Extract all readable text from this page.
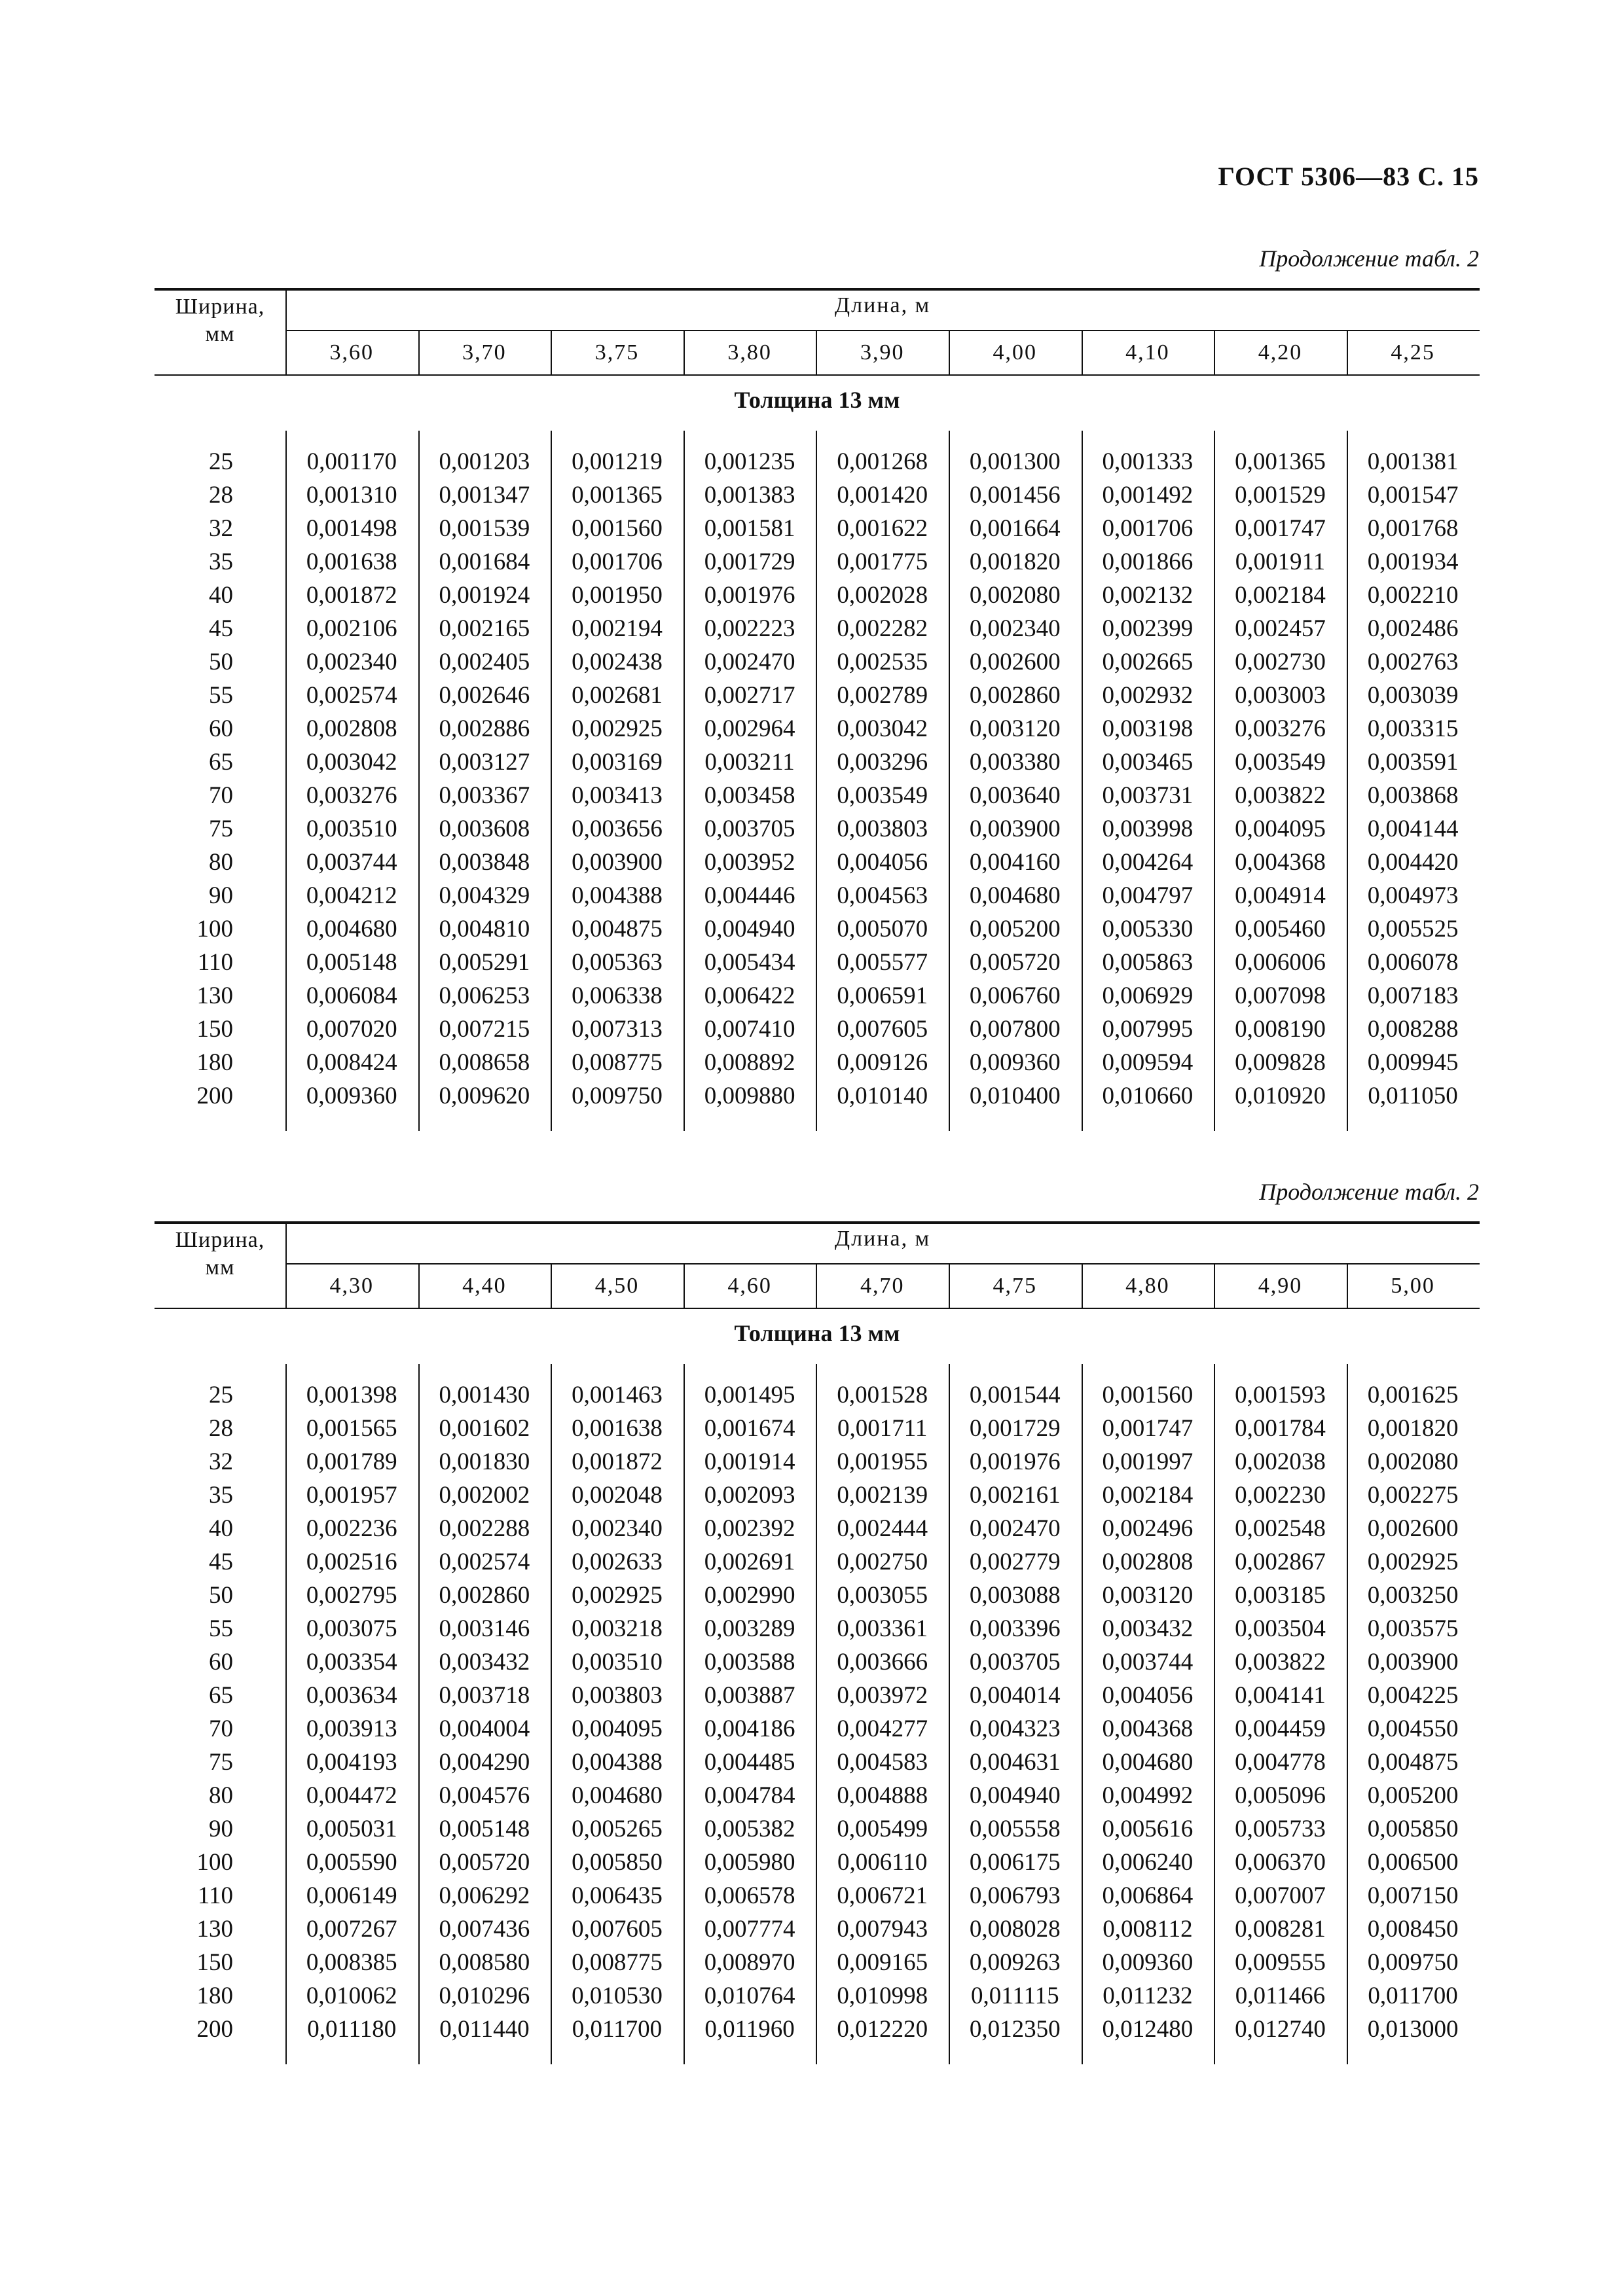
ГОСТ 5306—83 С. 15
Продолжение табл. 2
Ширина,
мм
Длина, м
3,60	3,70	3,75	3,80	3,90	4,00	4,10	4,20	4,25
Толщина 13 мм
25	0,001170	0,001203	0,001219	0,001235	0,001268	0,001300	0,001333	0,001365	0,001381
28	0,001310	0,001347	0,001365	0,001383	0,001420	0,001456	0,001492	0,001529	0,001547
32	0,001498	0,001539	0,001560	0,001581	0,001622	0,001664	0,001706	0,001747	0,001768
35	0,001638	0,001684	0,001706	0,001729	0,001775	0,001820	0,001866	0,001911	0,001934
40	0,001872	0,001924	0,001950	0,001976	0,002028	0,002080	0,002132	0,002184	0,002210
45	0,002106	0,002165	0,002194	0,002223	0,002282	0,002340	0,002399	0,002457	0,002486
50	0,002340	0,002405	0,002438	0,002470	0,002535	0,002600	0,002665	0,002730	0,002763
55	0,002574	0,002646	0,002681	0,002717	0,002789	0,002860	0,002932	0,003003	0,003039
60	0,002808	0,002886	0,002925	0,002964	0,003042	0,003120	0,003198	0,003276	0,003315
65	0,003042	0,003127	0,003169	0,003211	0,003296	0,003380	0,003465	0,003549	0,003591
70	0,003276	0,003367	0,003413	0,003458	0,003549	0,003640	0,003731	0,003822	0,003868
75	0,003510	0,003608	0,003656	0,003705	0,003803	0,003900	0,003998	0,004095	0,004144
80	0,003744	0,003848	0,003900	0,003952	0,004056	0,004160	0,004264	0,004368	0,004420
90	0,004212	0,004329	0,004388	0,004446	0,004563	0,004680	0,004797	0,004914	0,004973
100	0,004680	0,004810	0,004875	0,004940	0,005070	0,005200	0,005330	0,005460	0,005525
110	0,005148	0,005291	0,005363	0,005434	0,005577	0,005720	0,005863	0,006006	0,006078
130	0,006084	0,006253	0,006338	0,006422	0,006591	0,006760	0,006929	0,007098	0,007183
150	0,007020	0,007215	0,007313	0,007410	0,007605	0,007800	0,007995	0,008190	0,008288
180	0,008424	0,008658	0,008775	0,008892	0,009126	0,009360	0,009594	0,009828	0,009945
200	0,009360	0,009620	0,009750	0,009880	0,010140	0,010400	0,010660	0,010920	0,011050
Продолжение табл. 2
Ширина,
мм
Длина, м
4,30	4,40	4,50	4,60	4,70	4,75	4,80	4,90	5,00
Толщина 13 мм
25	0,001398	0,001430	0,001463	0,001495	0,001528	0,001544	0,001560	0,001593	0,001625
28	0,001565	0,001602	0,001638	0,001674	0,001711	0,001729	0,001747	0,001784	0,001820
32	0,001789	0,001830	0,001872	0,001914	0,001955	0,001976	0,001997	0,002038	0,002080
35	0,001957	0,002002	0,002048	0,002093	0,002139	0,002161	0,002184	0,002230	0,002275
40	0,002236	0,002288	0,002340	0,002392	0,002444	0,002470	0,002496	0,002548	0,002600
45	0,002516	0,002574	0,002633	0,002691	0,002750	0,002779	0,002808	0,002867	0,002925
50	0,002795	0,002860	0,002925	0,002990	0,003055	0,003088	0,003120	0,003185	0,003250
55	0,003075	0,003146	0,003218	0,003289	0,003361	0,003396	0,003432	0,003504	0,003575
60	0,003354	0,003432	0,003510	0,003588	0,003666	0,003705	0,003744	0,003822	0,003900
65	0,003634	0,003718	0,003803	0,003887	0,003972	0,004014	0,004056	0,004141	0,004225
70	0,003913	0,004004	0,004095	0,004186	0,004277	0,004323	0,004368	0,004459	0,004550
75	0,004193	0,004290	0,004388	0,004485	0,004583	0,004631	0,004680	0,004778	0,004875
80	0,004472	0,004576	0,004680	0,004784	0,004888	0,004940	0,004992	0,005096	0,005200
90	0,005031	0,005148	0,005265	0,005382	0,005499	0,005558	0,005616	0,005733	0,005850
100	0,005590	0,005720	0,005850	0,005980	0,006110	0,006175	0,006240	0,006370	0,006500
110	0,006149	0,006292	0,006435	0,006578	0,006721	0,006793	0,006864	0,007007	0,007150
130	0,007267	0,007436	0,007605	0,007774	0,007943	0,008028	0,008112	0,008281	0,008450
150	0,008385	0,008580	0,008775	0,008970	0,009165	0,009263	0,009360	0,009555	0,009750
180	0,010062	0,010296	0,010530	0,010764	0,010998	0,011115	0,011232	0,011466	0,011700
200	0,011180	0,011440	0,011700	0,011960	0,012220	0,012350	0,012480	0,012740	0,013000
